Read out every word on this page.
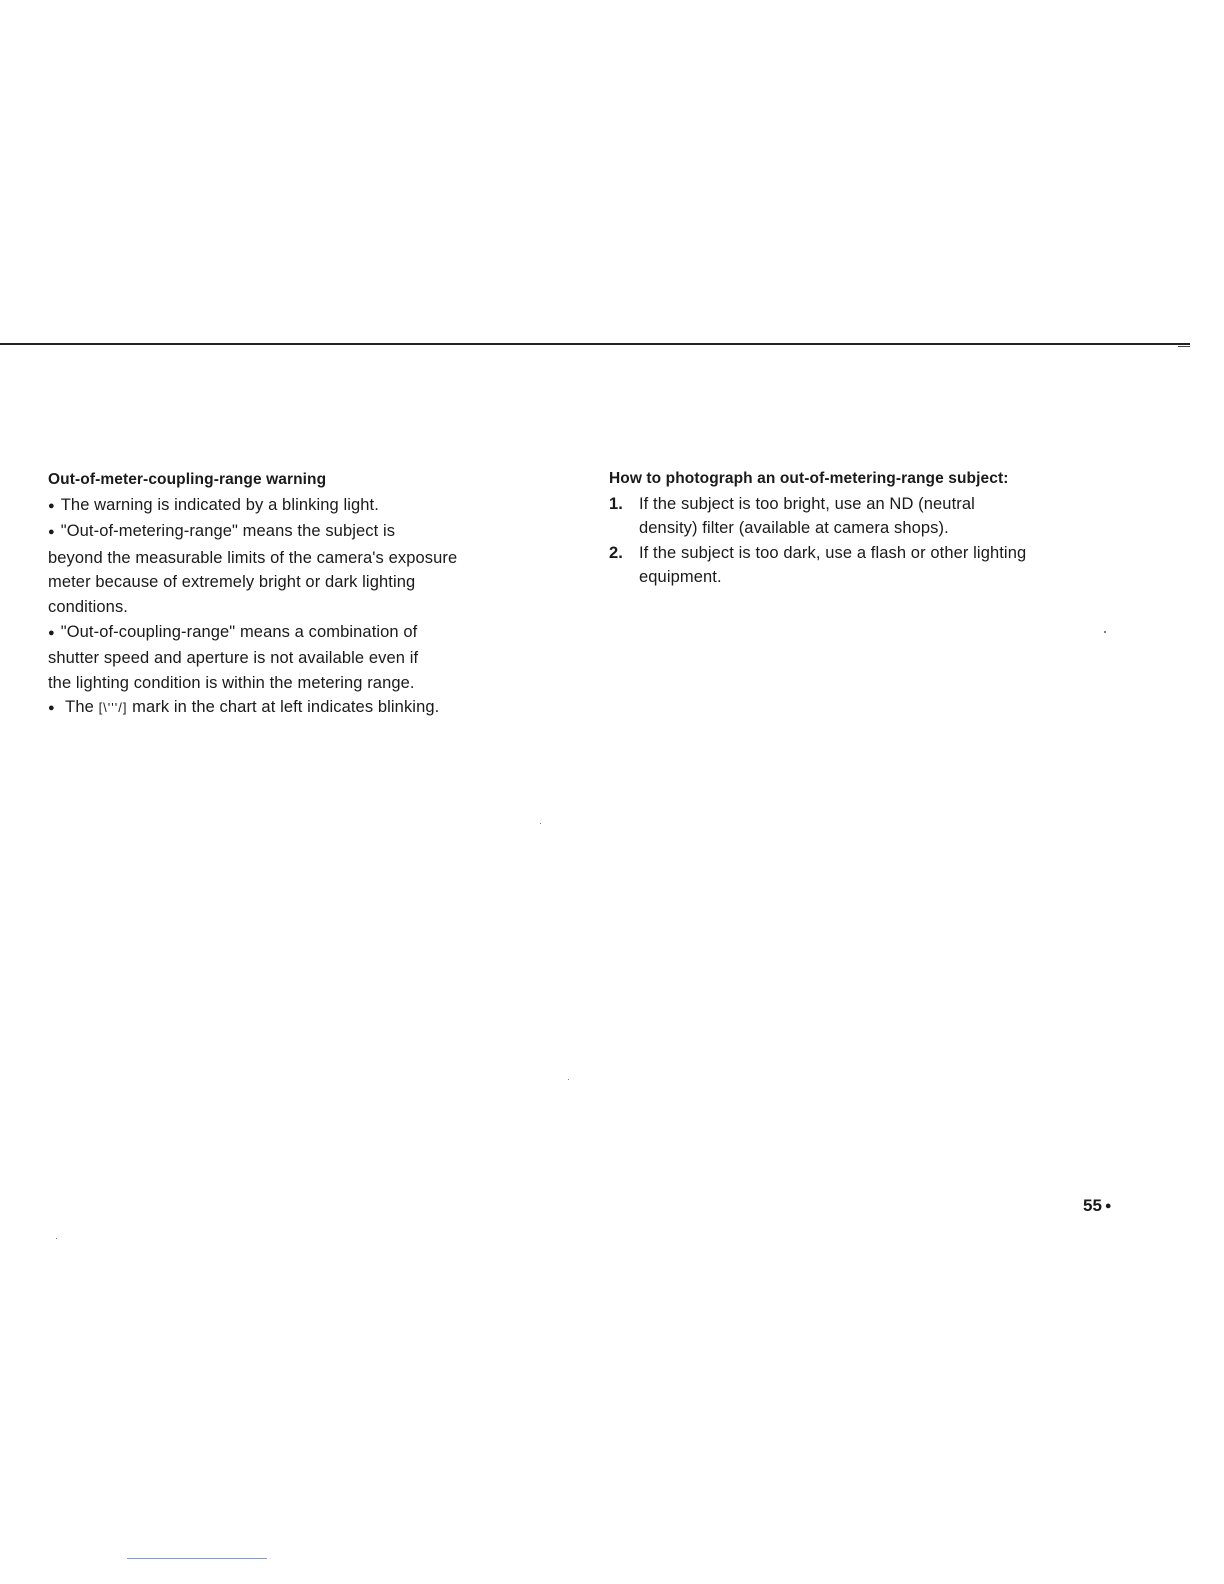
Out-of-meter-coupling-range warning
● The warning is indicated by a blinking light.
● "Out-of-metering-range" means the subject is
beyond the measurable limits of the camera's exposure
meter because of extremely bright or dark lighting
conditions.
● "Out-of-coupling-range" means a combination of
shutter speed and aperture is not available even if
the lighting condition is within the metering range.
● The [\'''/] mark in the chart at left indicates blinking.
How to photograph an out-of-metering-range subject:
1. If the subject is too bright, use an ND (neutral
density) filter (available at camera shops).
2. If the subject is too dark, use a flash or other lighting
equipment.
55 ●
